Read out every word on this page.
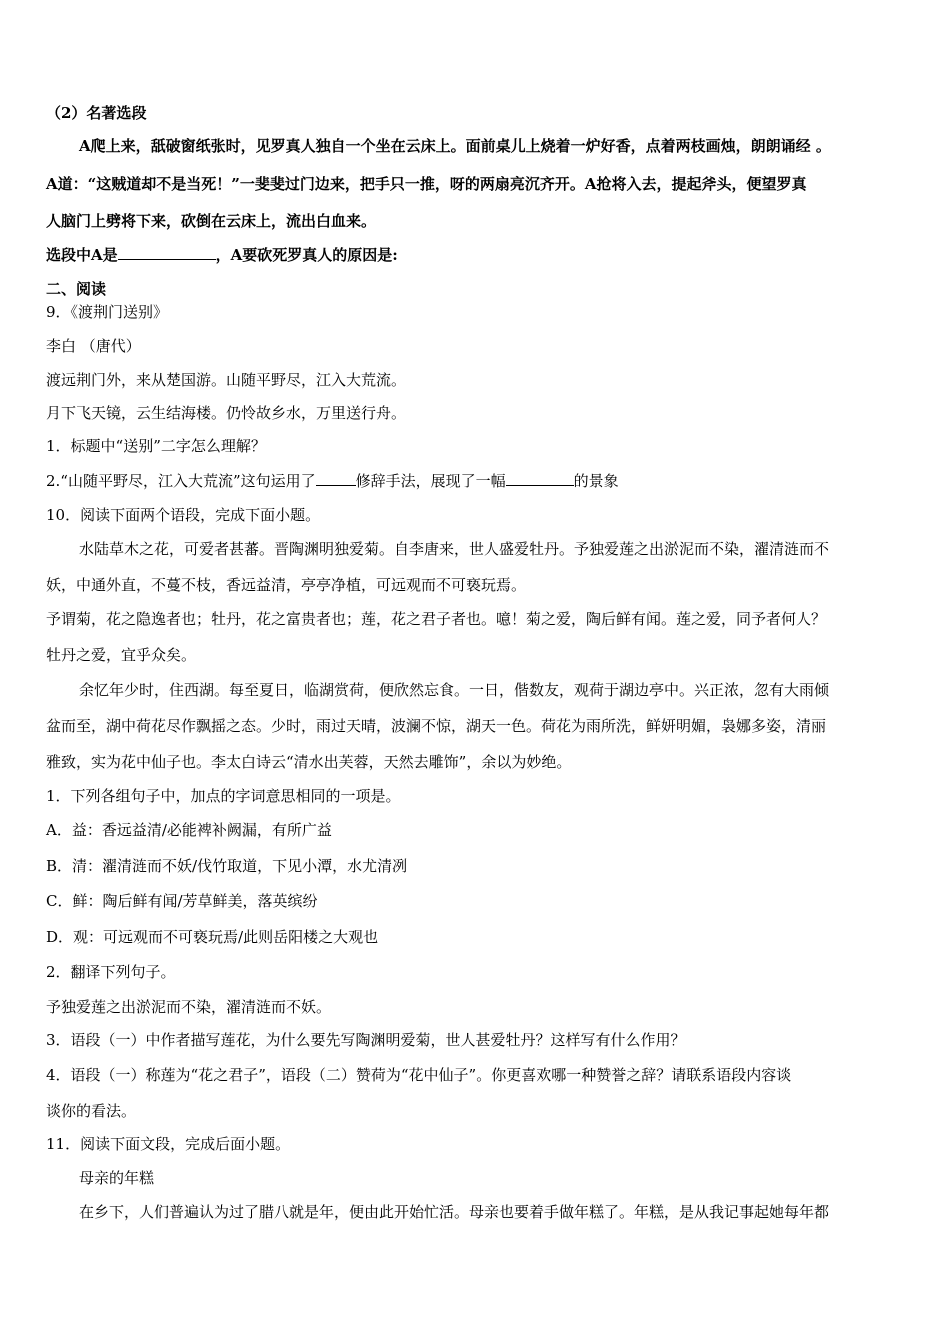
（2）名著选段
A爬上来，舐破窗纸张时，见罗真人独自一个坐在云床上。面前桌儿上烧着一炉好香，点着两枝画烛，朗朗诵经 。
A道：“这贼道却不是当死！”一斐斐过门边来，把手只一推，呀的两扇亮沉齐开。A抢将入去，提起斧头，便望罗真
人脑门上劈将下来，砍倒在云床上，流出白血来。
选段中A是	，A要砍死罗真人的原因是:
二、阅读
9．《渡荆门送别》
李白 （唐代）
渡远荆门外，来从楚国游。山随平野尽，江入大荒流。
月下飞天镜，云生结海楼。仍怜故乡水，万里送行舟。
1．标题中“送别”二字怎么理解？
2.“山随平野尽，江入大荒流”这句运用了	修辞手法，展现了一幅	的景象
10．阅读下面两个语段，完成下面小题。
水陆草木之花，可爱者甚蕃。晋陶渊明独爱菊。自李唐来，世人盛爱牡丹。予独爱莲之出淤泥而不染，濯清涟而不
妖，中通外直，不蔓不枝，香远益清，亭亭净植，可远观而不可亵玩焉。
予谓菊，花之隐逸者也；牡丹，花之富贵者也；莲，花之君子者也。噫！菊之爱，陶后鲜有闻。莲之爱，同予者何人？
牡丹之爱，宜乎众矣。
余忆年少时，住西湖。每至夏日，临湖赏荷，便欣然忘食。一日，偕数友，观荷于湖边亭中。兴正浓，忽有大雨倾
盆而至，湖中荷花尽作飘摇之态。少时，雨过天晴，波澜不惊，湖天一色。荷花为雨所洗，鲜妍明媚，袅娜多姿，清丽
雅致，实为花中仙子也。李太白诗云“清水出芙蓉，天然去雕饰”，余以为妙绝。
1．下列各组句子中，加点的字词意思相同的一项是。
A．益：香远益清/必能裨补阙漏，有所广益
B．清：濯清涟而不妖/伐竹取道，下见小潭，水尤清冽
C．鲜：陶后鲜有闻/芳草鲜美，落英缤纷
D．观：可远观而不可亵玩焉/此则岳阳楼之大观也
2．翻译下列句子。
予独爱莲之出淤泥而不染，濯清涟而不妖。
3．语段（一）中作者描写莲花，为什么要先写陶渊明爱菊，世人甚爱牡丹？这样写有什么作用？
4．语段（一）称莲为“花之君子”，语段（二）赞荷为“花中仙子”。你更喜欢哪一种赞誉之辞？请联系语段内容谈
谈你的看法。
11．阅读下面文段，完成后面小题。
母亲的年糕
在乡下，人们普遍认为过了腊八就是年，便由此开始忙活。母亲也要着手做年糕了。年糕，是从我记事起她每年都
